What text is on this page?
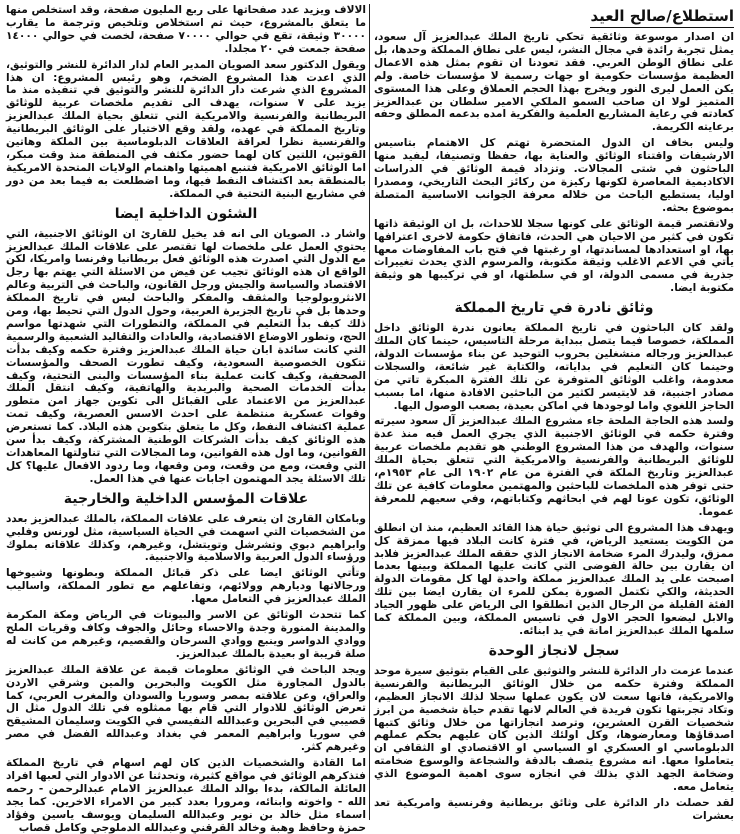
استطلاع/صالح العيد

ان اصدار موسوعة وثائقية تحكي تاريخ الملك عبدالعزيز آل سعود، يمثل تجربة رائدة في مجال النشر، ليس على نطاق المملكة وحدها، بل على نطاق الوطن العربي. فقد تعودنا ان تقوم بمثل هذه الاعمال العظيمة مؤسسات حكومية او جهات رسمية لا مؤسسات خاصة. ولم يكن العمل ليرى النور ويخرج بهذا الحجم العملاق وعلى هذا المستوى المتميز لولا ان صاحب السمو الملكي الامير سلطان بن عبدالعزيز كعادته في رعاية المشاريع العلمية والفكرية امده بدعمه المطلق وحفه برعايته الكريمة.

وليس بخاف ان الدول المتحضرة تهتم كل الاهتمام بتاسيس الارشيفات واقتناء الوثائق والعناية بها، حفظا وتصنيفا، ليفيد منها الباحثون في شتى المجالات. وتزداد قيمة الوثائق في الدراسات الاكاديمية المعاصرة لكونها ركيزة من ركائز البحث التاريخي، ومصدرا اوليا، يستطيع الباحث من خلاله معرفة الجوانب الاساسية المتصلة بموضوع بحثه.

ولاتقتصر قيمة الوثائق على كونها سجلا للاحداث، بل ان الوثيقة ذاتها تكون في كثير من الاحيان هي الحدث، فاتفاق حكومة لاخرى اعترافها بها، او استعدادها لمساندتها، او رغبتها في فتح باب المفاوضات معها يأتي في الاعم الاغلب وثيقة مكتوبة، والمرسوم الذي يحدث تغييرات جذرية في مسمى الدولة، او في سلطتها، او في تركيبها هو وثيقة مكتوبة ايضا.

وثائق نادرة في تاريخ المملكة

ولقد كان الباحثون في تاريخ المملكة يعانون ندرة الوثائق داخل المملكة، خصوصا فيما يتصل ببداية مرحلة التاسيس، حينما كان الملك عبدالعزيز ورجاله منشغلين بحروب التوحيد عن بناء مؤسسات الدولة، وحينما كان التعليم في بداياته، والكتابة غير شائعة، والسجلات معدومة، واغلب الوثائق المتوفرة عن تلك الفترة المبكرة تاتي من مصادر اجنبية، قد لايتيسر لكثير من الباحثين الافادة منها، اما بسبب الحاجز اللغوي واما لوجودها في اماكن بعيدة، يصعب الوصول اليها.

ولسد هذه الحاجة الملحة جاء مشروع الملك عبدالعزيز آل سعود سيرته وفترة حكمه في الوثائق الاجنبية الذي يجري العمل فيه منذ عدة سنوات، والهدف من هذا المشروع الوطني هو تقديم ملخصات عربية للوثائق البريطانية والفرنسية والامريكية التي تتعلق بحياة الملك عبدالعزيز وتاريخ الملكة في الفترة من عام ١٩٠٢ الى عام ١٩٥٣م، حتى توفر هذه الملخصات للباحثين والمهتمين معلومات كافية عن تلك الوثائق، تكون عونا لهم في ابحاثهم وكتاباتهم، وفي سعيهم للمعرفة عموما.

ويهدف هذا المشروع الى توثيق حياة هذا القائد العظيم، منذ ان انطلق من الكويت يستعيد الرياض، في فترة كانت البلاد فيها ممزقة كل ممزق، وليدرك المرء ضخامة الانجاز الذي حققه الملك عبدالعزيز فلابد ان يقارن بين حالة الفوضى التي كانت عليها المملكة وبينها بعدما اصبحت على يد الملك عبدالعزيز مملكة واحدة لها كل مقومات الدولة الحديثة، والكي تكتمل الصورة يمكن للمرء ان يقارن ايضا بين تلك الفئة القليلة من الرجال الذين انطلقوا الى الرياض على ظهور الجياد والابل ليضعوا الحجر الاول في تاسيس المملكة، وبين المملكة كما سلمها الملك عبدالعزيز امانة في يد ابنائه.

سجل لانجاز الوحدة

عندما عزمت دار الدائرة للنشر والتوثيق على القيام بتوثيق سيرة موحد المملكة وفترة حكمه من خلال الوثائق البريطانية والفرنسية والامريكية، فانها سعت لان يكون عملها سجلا لذلك الانجاز العظيم، وتكاد تجربتها تكون فريدة في العالم لانها تقدم حياة شخصية من ابرز شخصيات القرن العشرين، وترصد انجازاتها من خلال وثائق كتبها اصدقاؤها ومعارضوها، وكل اولئك الذين كان عليهم بحكم عملهم الدبلوماسي او العسكري او السياسي او الاقتصادي او الثقافي ان يتعاملوا معها. انه مشروع يتصف بالدقة والشجاعة والوسوع ضخامته وضخامة الجهد الذي بذلك في انجازه سوى اهمية الموضوع الذي يتعامل معه.

لقد حصلت دار الدائرة على وثائق بريطانية وفرنسية وامريكية تعد بعشرات

الالاف ويزيد عدد صفحاتها على ربع المليون صفحة، وقد استخلص منها ما يتعلق بالمشروع، حيث تم استخلاص وتلخيص وترجمة ما يقارب ٣٠٠٠٠ وثيقة، تقع في حوالي ٧٠٠٠٠ صفحة، لخصت في حوالي ١٤٠٠٠ صفحة جمعت في ٢٠ مجلدا.

ويقول الدكتور سعد الصويان المدير العام لدار الدائرة للنشر والتوثيق، الذي اعدت هذا المشروع الضخم، وهو رئيس المشروع: ان هذا المشروع الذي شرعت دار الدائرة للنشر والتوثيق في تنفيذه منذ ما يزيد على ٧ سنوات، يهدف الى تقديم ملخصات عربية للوثائق البريطانية والفرنسية والامريكية التي تتعلق بحياة الملك عبدالعزيز وتاريخ المملكة في عهده، ولقد وقع الاختيار على الوثائق البريطانية والفرنسية نظرا لعراقة العلاقات الدبلوماسية بين الملكة وهاتين القوتين، اللتين كان لهما حضور مكثف في المنطقة منذ وقت مبكر، اما الوثائق الامريكية فتنبع اهميتها واهتمام الولايات المتحدة الامريكية بالمنطقة بعد اكتشاف النفط فيها، وما اضطلعت به فيما بعد من دور في مشاريع البنية التحتية في المملكة.

الشئون الداخلية ايضا

واشار د. الصويان الى انه قد يخيل للقارئ ان الوثائق الاجنبية، التي يحتوي العمل على ملخصات لها تقتصر على علاقات الملك عبدالعزيز مع الدول التي اصدرت هذه الوثائق فعل بريطانيا وفرنسا وامريكا، لكن الواقع ان هذه الوثائق تجيب عن فيض من الاسئلة التي يهتم بها رجل الاقتصاد والسياسة والجيش ورجل القانون، والباحث في التربية وعالم الانثروبولوجيا والمثقف والمفكر والباحث ليس في تاريخ المملكة وحدها بل في تاريخ الجزيرة العربية، وحول الدول التي تحيط بها، ومن ذلك كيف بدأ التعليم في المملكة، والتطورات التي شهدتها مواسم الحج، وتطور الاوضاع الاقتصادية، والعادات والتقاليد الشعبية والرسمية التي كانت سائدة ابان حياة الملك عبدالعزيز وفترة حكمه وكيف بدأت تتكون الخصوصية السعودية، وكيف تطورت الصحف والمؤسسات الصحفية، وكيف كانت عملية بناء المؤسسات والبنى التحتية، وكيف بدأت الخدمات الصحية والبريدية والهاتفية، وكيف انتقل الملك عبدالعزيز من الاعتماد على القبائل الى تكوين جهاز امن متطور وقوات عسكرية منتظمة على احدث الاسس العصرية، وكيف تمت عملية اكتشاف النفط، وكل ما يتعلق بتكوين هذه البلاد. كما تستعرض هذه الوثائق كيف بدأت الشركات الوطنية المشتركة، وكيف بدأ سن القوانين، وما اول هذه القوانين، وما المجالات التي تناولتها المعاهدات التي وقعت، ومع من وقعت، ومن وقعها، وما ردود الافعال عليها؟ كل تلك الاسئلة يجد المهتمون اجابات عنها في هذا العمل.

علاقات المؤسس الداخلية والخارجية

وبامكان القارئ ان يتعرف على علاقات المملكة، بالملك عبدالعزيز بعدد من الشخصيات التي اسهمت في الحياة السياسية، مثل لورنس وفلبي وابراهيم دبوي وتشرشل وتويتشل، وغيرهم، وكذلك علاقاته بملوك ورؤساء الدول العربية والاسلامية والاجنبية.

وتأتي الوثائق ايضا على ذكر قبائل المملكة وبطونها وشيوخها ورجالاتها وديارهم وولائهم، وتفاعلهم مع تطور المملكة، واساليب الملك عبدالعزيز في التعامل معها.

كما تتحدث الوثائق عن الاسر والبيوتات في الرياض ومكة المكرمة والمدينة المنورة وجدة والاحساء وحائل والجوف وكاف وقريات الملح ووادي الدواسر وينبع ووادي السرحان والقصيم، وغيرهم من كانت له صلة قريبة او بعيدة بالملك عبدالعزيز.

ويجد الباحث في الوثائق معلومات قيمة عن علاقة الملك عبدالعزيز بالدول المجاورة مثل الكويت والبحرين والمين وشرقي الاردن والعراق، وعن علاقته بمصر وسوريا والسودان والمغرب العربي، كما تعرض الوثائق للادوار التي قام بها ممثلوه في تلك الدول مثل ال قصيبي في البحرين وعبدالله النفيسي في الكويت وسليمان المشيقح في سوريا وابراهيم المعمر في بغداد وعبدالله الفضل في مصر وغيرهم كثر.

اما القادة والشخصيات الذين كان لهم اسهام في تاريخ المملكة فتذكرهم الوثائق في مواقع كثيرة، وتحدثنا عن الادوار التي لعبها افراد العائلة المالكة، بدءا بوالد الملك عبدالعزيز الامام عبدالرحمن - رحمه الله - واخوته وابنائه، ومرورا بعدد كبير من الامراء الاخرين. كما يجد اسماء مثل خالد بن نوير وعبدالله السليمان ويوسف ياسين وفؤاد حمزة وحافظ وهبة وخالد القرقني وعبدالله الدملوجي وكامل قصاب
